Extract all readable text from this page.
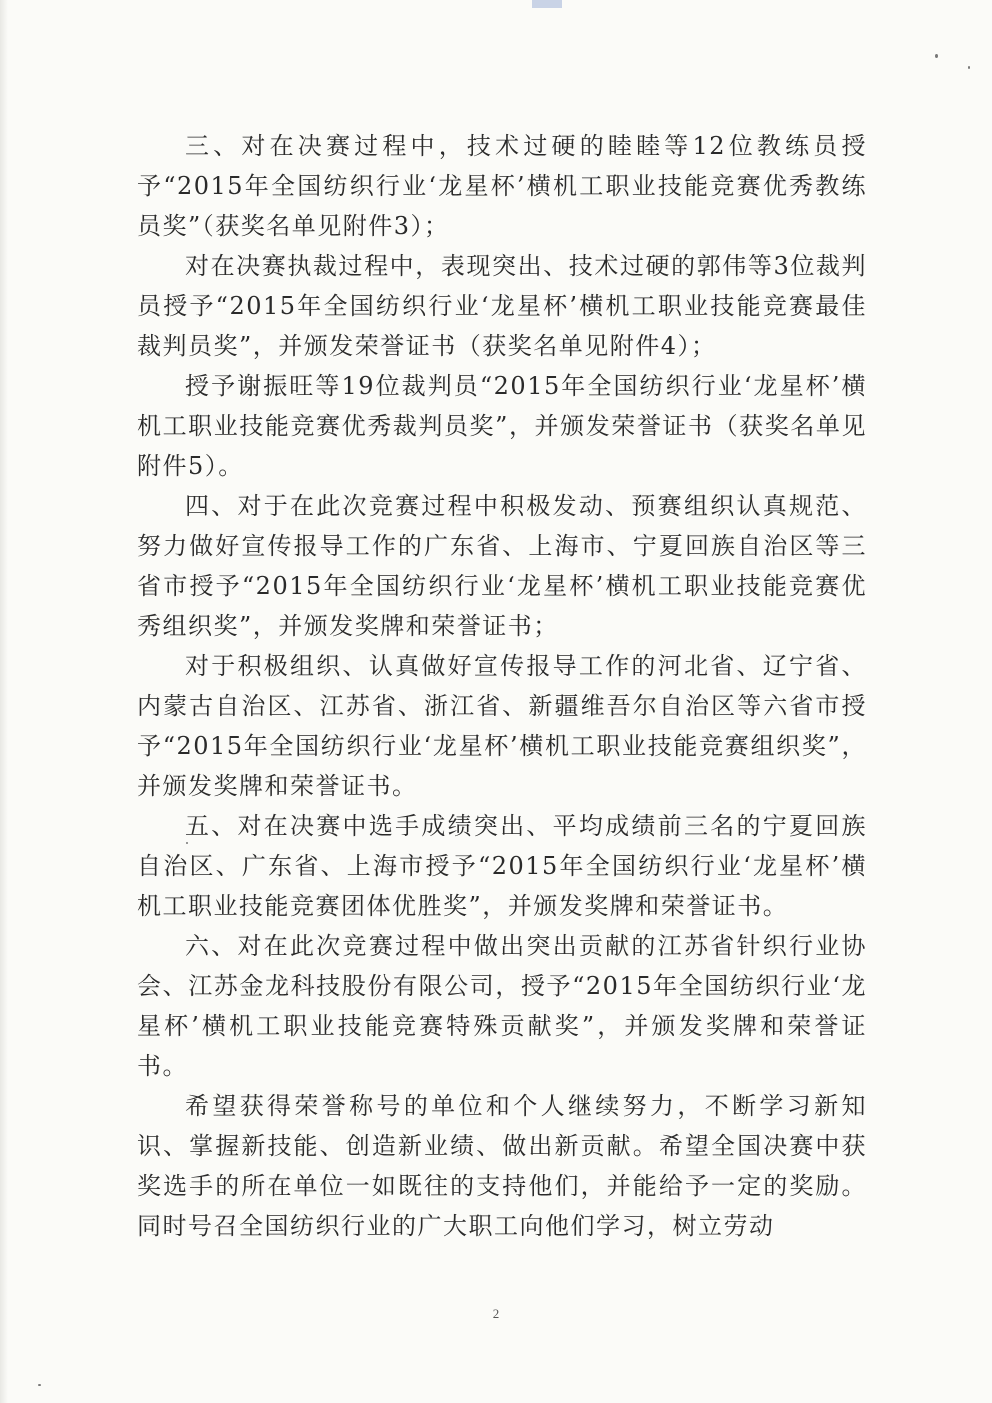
三、对在决赛过程中，技术过硬的睦睦等12位教练员授予“2015年全国纺织行业‘龙星杯’横机工职业技能竞赛优秀教练员奖”（获奖名单见附件3）；

对在决赛执裁过程中，表现突出、技术过硬的郭伟等3位裁判员授予“2015年全国纺织行业‘龙星杯’横机工职业技能竞赛最佳裁判员奖”，并颁发荣誉证书（获奖名单见附件4）；

授予谢振旺等19位裁判员“2015年全国纺织行业‘龙星杯’横机工职业技能竞赛优秀裁判员奖”，并颁发荣誉证书（获奖名单见附件5）。

四、对于在此次竞赛过程中积极发动、预赛组织认真规范、努力做好宣传报导工作的广东省、上海市、宁夏回族自治区等三省市授予“2015年全国纺织行业‘龙星杯’横机工职业技能竞赛优秀组织奖”，并颁发奖牌和荣誉证书；

对于积极组织、认真做好宣传报导工作的河北省、辽宁省、内蒙古自治区、江苏省、浙江省、新疆维吾尔自治区等六省市授予“2015年全国纺织行业‘龙星杯’横机工职业技能竞赛组织奖”，并颁发奖牌和荣誉证书。

五、对在决赛中选手成绩突出、平均成绩前三名的宁夏回族自治区、广东省、上海市授予“2015年全国纺织行业‘龙星杯’横机工职业技能竞赛团体优胜奖”，并颁发奖牌和荣誉证书。

六、对在此次竞赛过程中做出突出贡献的江苏省针织行业协会、江苏金龙科技股份有限公司，授予“2015年全国纺织行业‘龙星杯’横机工职业技能竞赛特殊贡献奖”，并颁发奖牌和荣誉证书。

希望获得荣誉称号的单位和个人继续努力，不断学习新知识、掌握新技能、创造新业绩、做出新贡献。希望全国决赛中获奖选手的所在单位一如既往的支持他们，并能给予一定的奖励。同时号召全国纺织行业的广大职工向他们学习，树立劳动

2
